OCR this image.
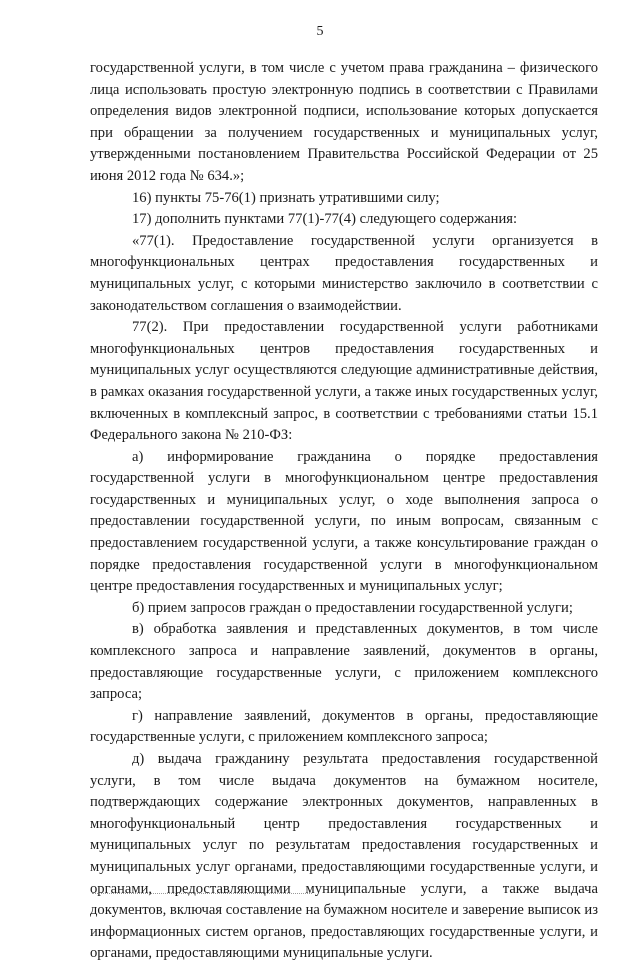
5

государственной услуги, в том числе с учетом права гражданина – физического лица использовать простую электронную подпись в соответствии с Правилами определения видов электронной подписи, использование которых допускается при обращении за получением государственных и муниципальных услуг, утвержденными постановлением Правительства Российской Федерации от 25 июня 2012 года № 634.»;

16) пункты 75-76(1) признать утратившими силу;

17) дополнить пунктами 77(1)-77(4) следующего содержания:

«77(1). Предоставление государственной услуги организуется в многофункциональных центрах предоставления государственных и муниципальных услуг, с которыми министерство заключило в соответствии с законодательством соглашения о взаимодействии.

77(2). При предоставлении государственной услуги работниками многофункциональных центров предоставления государственных и муниципальных услуг осуществляются следующие административные действия, в рамках оказания государственной услуги, а также иных государственных услуг, включенных в комплексный запрос, в соответствии с требованиями статьи 15.1 Федерального закона № 210-ФЗ:

а) информирование гражданина о порядке предоставления государственной услуги в многофункциональном центре предоставления государственных и муниципальных услуг, о ходе выполнения запроса о предоставлении государственной услуги, по иным вопросам, связанным с предоставлением государственной услуги, а также консультирование граждан о порядке предоставления государственной услуги в многофункциональном центре предоставления государственных и муниципальных услуг;

б) прием запросов граждан о предоставлении государственной услуги;

в) обработка заявления и представленных документов, в том числе комплексного запроса и направление заявлений, документов в органы, предоставляющие государственные услуги, с приложением комплексного запроса;

г) направление заявлений, документов в органы, предоставляющие государственные услуги, с приложением комплексного запроса;

д) выдача гражданину результата предоставления государственной услуги, в том числе выдача документов на бумажном носителе, подтверждающих содержание электронных документов, направленных в многофункциональный центр предоставления государственных и муниципальных услуг по результатам предоставления государственных и муниципальных услуг органами, предоставляющими государственные услуги, и органами, предоставляющими муниципальные услуги, а также выдача документов, включая составление на бумажном носителе и заверение выписок из информационных систем органов, предоставляющих государственные услуги, и органами, предоставляющими муниципальные услуги.
